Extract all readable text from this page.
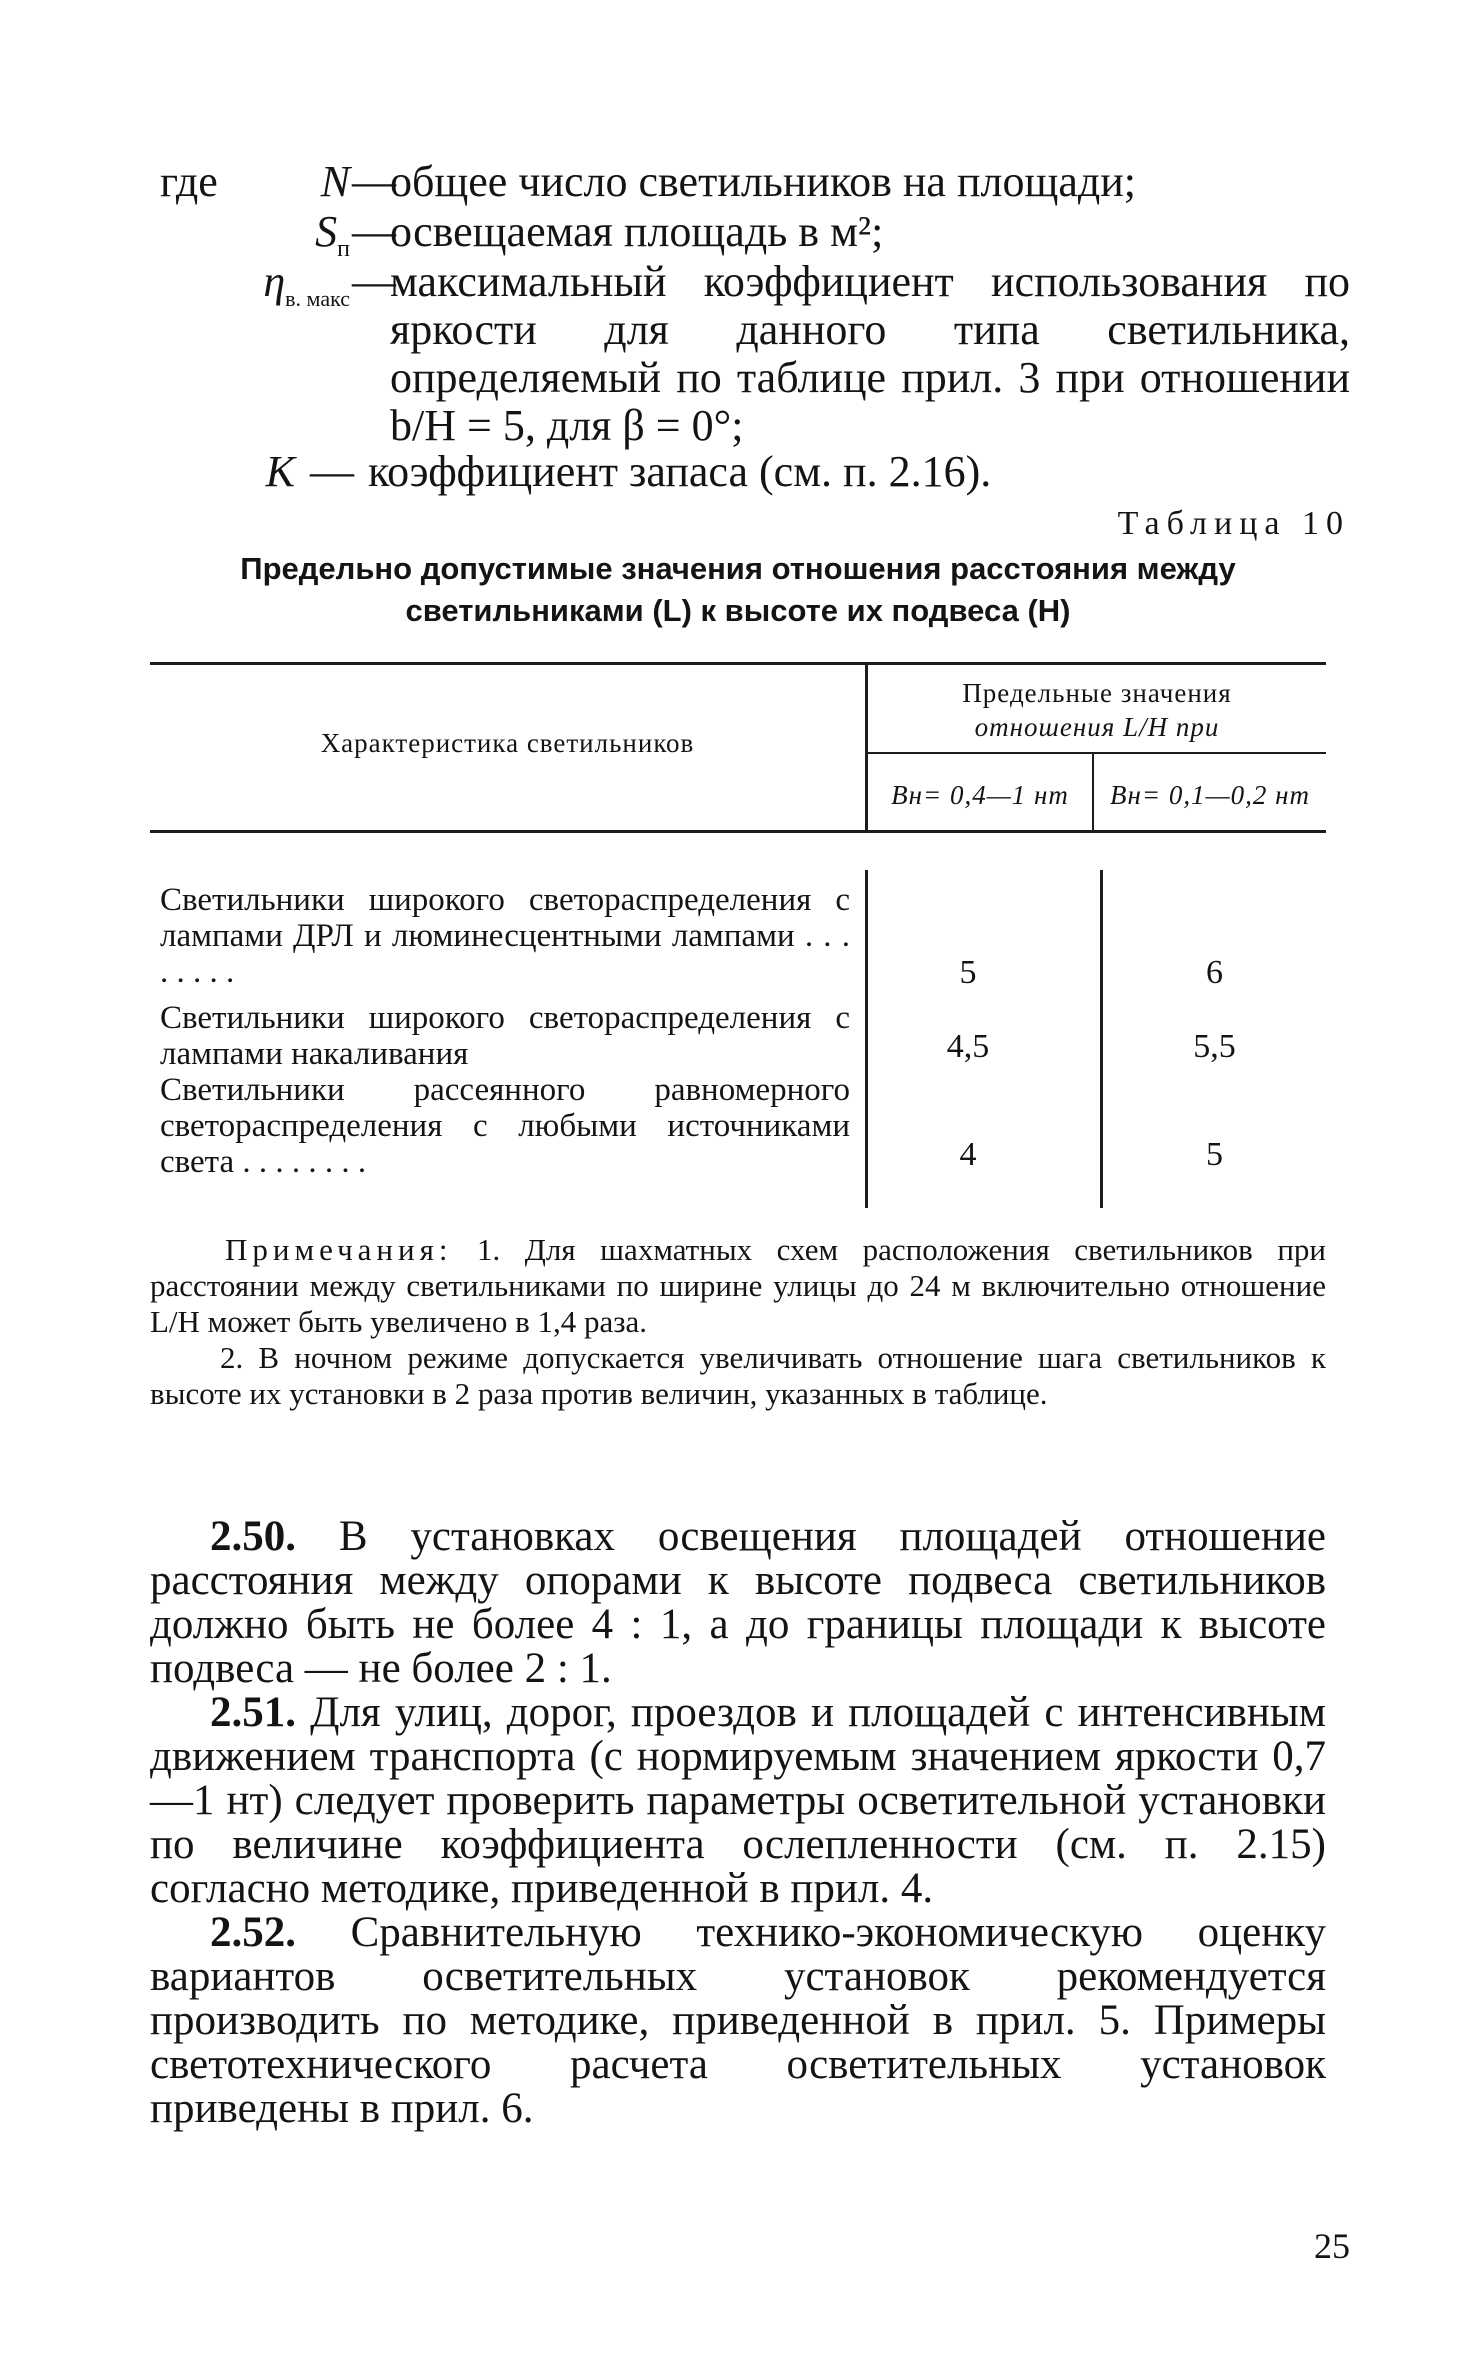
где	N —
общее число светильников на площади;
$S_п$ —
освещаемая площадь в м²;
$\eta_{в. макс}$ —
максимальный коэффициент использования по яркости для данного типа светильника, определяемый по таблице прил. 3 при отношении b/H = 5, для β = 0°;
K — коэффициент запаса (см. п. 2.16).
Таблица 10
Предельно допустимые значения отношения расстояния между
светильниками (L) к высоте их подвеса (H)
Характеристика светильников
Предельные значения
отношения L/H при
Bн= 0,4—1 нт	Bн= 0,1—0,2 нт
Светильники широкого светораспределения с лампами ДРЛ и люминесцентными лампами . . . . . . . .	5	6
Светильники широкого светораспределения с лампами накаливания	4,5	5,5
Светильники рассеянного равномерного светораспределения с любыми источниками света . . . . . . . .	4	5

Примечания: 1. Для шахматных схем расположения светильников при расстоянии между светильниками по ширине улицы до 24 м включительно отношение L/H может быть увеличено в 1,4 раза.

2. В ночном режиме допускается увеличивать отношение шага светильников к высоте их установки в 2 раза против величин, указанных в таблице.

2.50. В установках освещения площадей отношение расстояния между опорами к высоте подвеса светильников должно быть не более 4 : 1, а до границы площади к высоте подвеса — не более 2 : 1.

2.51. Для улиц, дорог, проездов и площадей с интенсивным движением транспорта (с нормируемым значением яркости 0,7—1 нт) следует проверить параметры осветительной установки по величине коэффициента ослепленности (см. п. 2.15) согласно методике, приведенной в прил. 4.

2.52. Сравнительную технико-экономическую оценку вариантов осветительных установок рекомендуется производить по методике, приведенной в прил. 5. Примеры светотехнического расчета осветительных установок приведены в прил. 6.

25
